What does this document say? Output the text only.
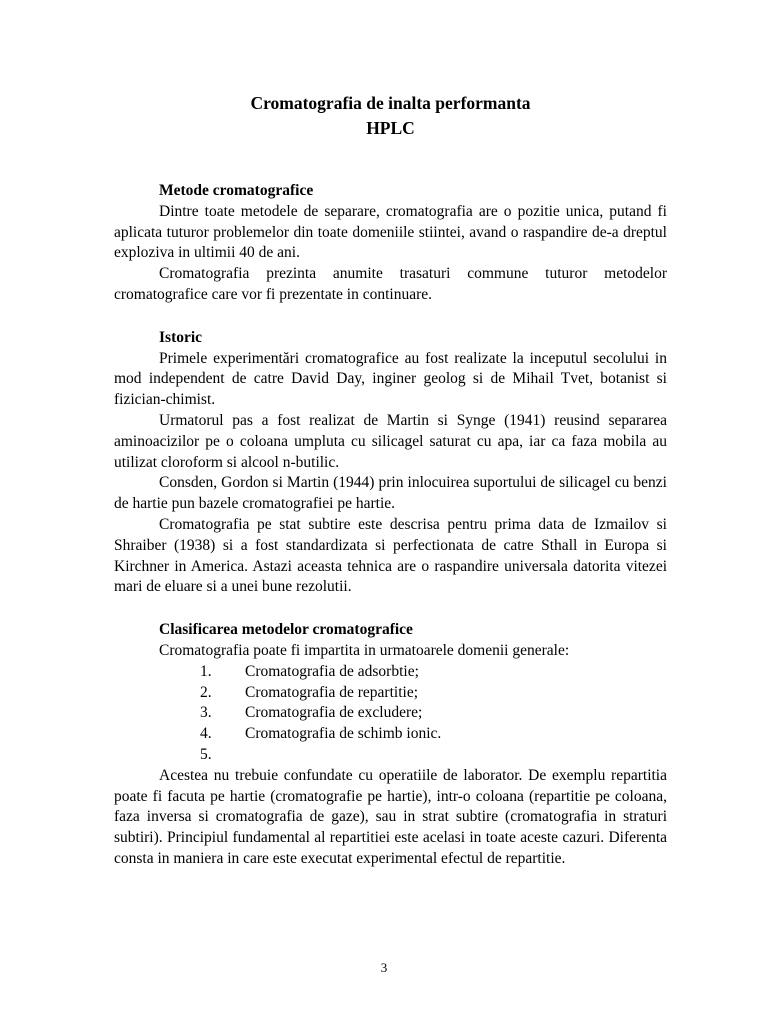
Cromatografia de inalta performanta

HPLC

Metode cromatografice

Dintre toate metodele de separare, cromatografia are o pozitie unica, putand fi aplicata tuturor problemelor din toate domeniile stiintei, avand o raspandire de-a dreptul exploziva in ultimii 40 de ani.

Cromatografia prezinta anumite trasaturi commune tuturor metodelor cromatografice care vor fi prezentate in continuare.

Istoric

Primele experimentări cromatografice au fost realizate la inceputul secolului in mod independent de catre David Day, inginer geolog si de Mihail Tvet, botanist si fizician-chimist.

Urmatorul pas a fost realizat de Martin si Synge (1941) reusind separarea aminoacizilor pe o coloana umpluta cu silicagel saturat cu apa, iar ca faza mobila au utilizat cloroform si alcool n-butilic.

Consden, Gordon si Martin (1944) prin inlocuirea suportului de silicagel cu benzi de hartie pun bazele cromatografiei pe hartie.

Cromatografia pe stat subtire este descrisa pentru prima data de Izmailov si Shraiber (1938) si a fost standardizata si perfectionata de catre Sthall in Europa si Kirchner in America. Astazi aceasta tehnica are o raspandire universala datorita vitezei mari de eluare si a unei bune rezolutii.

Clasificarea metodelor cromatografice

Cromatografia poate fi impartita in urmatoarele domenii generale:

1.	Cromatografia de adsorbtie;
2.	Cromatografia de repartitie;
3.	Cromatografia de excludere;
4.	Cromatografia de schimb ionic.
5.

Acestea nu trebuie confundate cu operatiile de laborator. De exemplu repartitia poate fi facuta pe hartie (cromatografie pe hartie), intr-o coloana (repartitie pe coloana, faza inversa si cromatografia de gaze), sau in strat subtire (cromatografia in straturi subtiri). Principiul fundamental al repartitiei este acelasi in toate aceste cazuri. Diferenta consta in maniera in care este executat experimental efectul de repartitie.

3
